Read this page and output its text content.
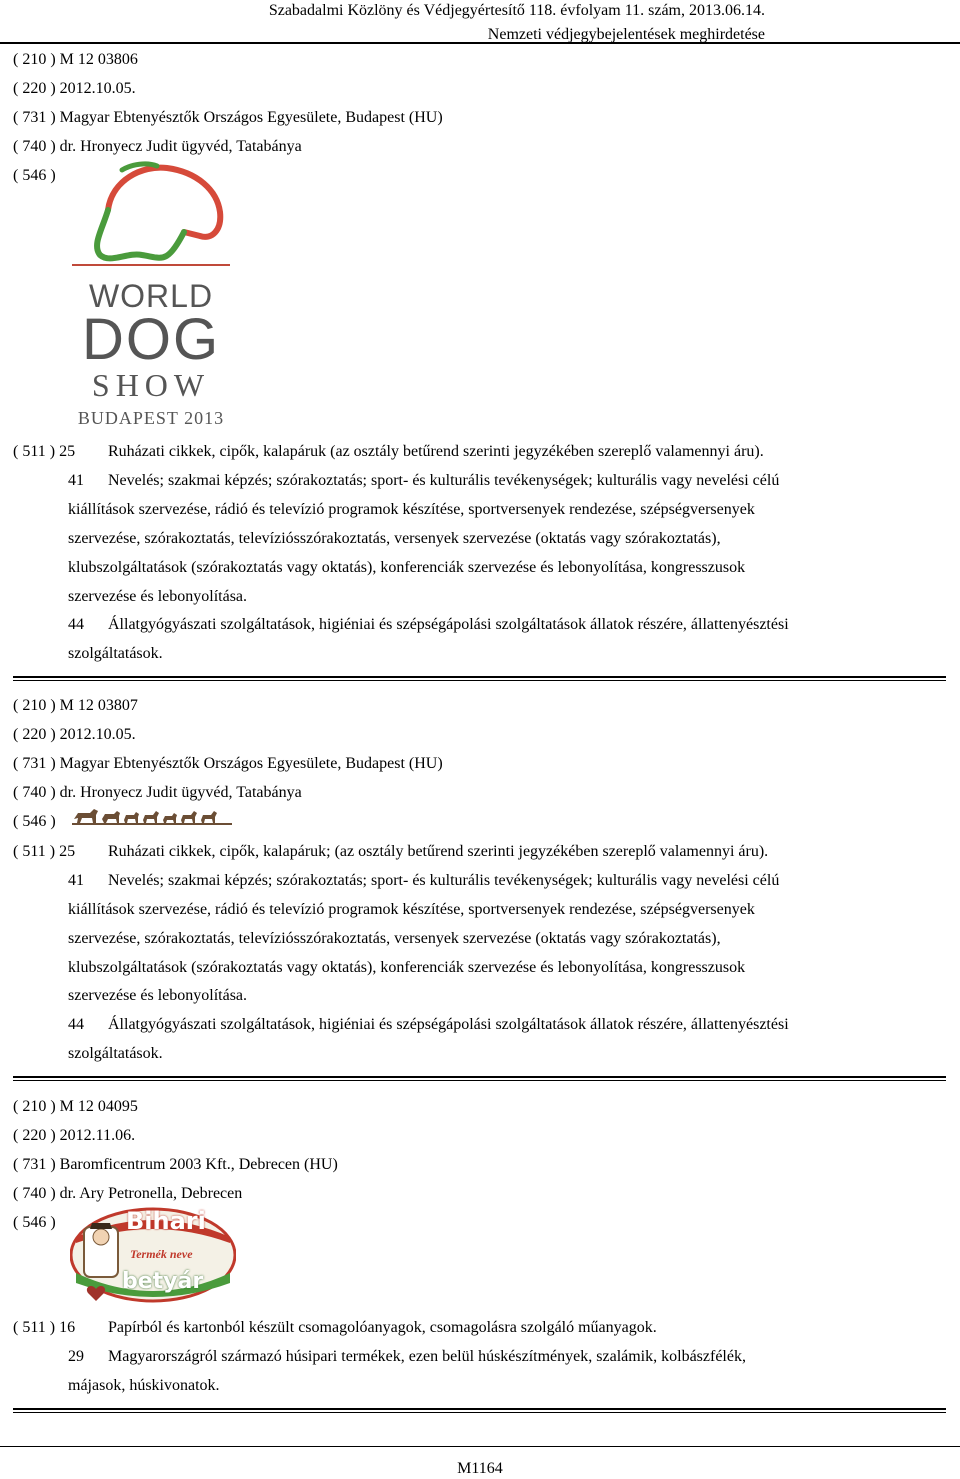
Szabadalmi Közlöny és Védjegyértesítő 118. évfolyam 11. szám, 2013.06.14.
Nemzeti védjegybejelentések meghirdetése
( 210 ) M 12 03806
( 220 ) 2012.10.05.
( 731 ) Magyar Ebtenyésztők Országos Egyesülete, Budapest (HU)
( 740 ) dr. Hronyecz Judit ügyvéd, Tatabánya
( 546 )
WORLD
DOG
SHOW
BUDAPEST 2013
( 511 ) 25 Ruházati cikkek, cipők, kalapáruk (az osztály betűrend szerinti jegyzékében szereplő valamennyi áru).
41 Nevelés; szakmai képzés; szórakoztatás; sport- és kulturális tevékenységek; kulturális vagy nevelési célú
kiállítások szervezése, rádió és televízió programok készítése, sportversenyek rendezése, szépségversenyek
szervezése, szórakoztatás, televíziósszórakoztatás, versenyek szervezése (oktatás vagy szórakoztatás),
klubszolgáltatások (szórakoztatás vagy oktatás), konferenciák szervezése és lebonyolítása, kongresszusok
szervezése és lebonyolítása.
44 Állatgyógyászati szolgáltatások, higiéniai és szépségápolási szolgáltatások állatok részére, állattenyésztési
szolgáltatások.
( 210 ) M 12 03807
( 220 ) 2012.10.05.
( 731 ) Magyar Ebtenyésztők Országos Egyesülete, Budapest (HU)
( 740 ) dr. Hronyecz Judit ügyvéd, Tatabánya
( 546 )
( 511 ) 25 Ruházati cikkek, cipők, kalapáruk; (az osztály betűrend szerinti jegyzékében szereplő valamennyi áru).
41 Nevelés; szakmai képzés; szórakoztatás; sport- és kulturális tevékenységek; kulturális vagy nevelési célú
kiállítások szervezése, rádió és televízió programok készítése, sportversenyek rendezése, szépségversenyek
szervezése, szórakoztatás, televíziósszórakoztatás, versenyek szervezése (oktatás vagy szórakoztatás),
klubszolgáltatások (szórakoztatás vagy oktatás), konferenciák szervezése és lebonyolítása, kongresszusok
szervezése és lebonyolítása.
44 Állatgyógyászati szolgáltatások, higiéniai és szépségápolási szolgáltatások állatok részére, állattenyésztési
szolgáltatások.
( 210 ) M 12 04095
( 220 ) 2012.11.06.
( 731 ) Baromficentrum 2003 Kft., Debrecen (HU)
( 740 ) dr. Ary Petronella, Debrecen
( 546 )	Bihari
Termék neve
betyár
( 511 ) 16 Papírból és kartonból készült csomagolóanyagok, csomagolásra szolgáló műanyagok.
29 Magyarországról származó húsipari termékek, ezen belül húskészítmények, szalámik, kolbászfélék,
májasok, húskivonatok.
M1164
